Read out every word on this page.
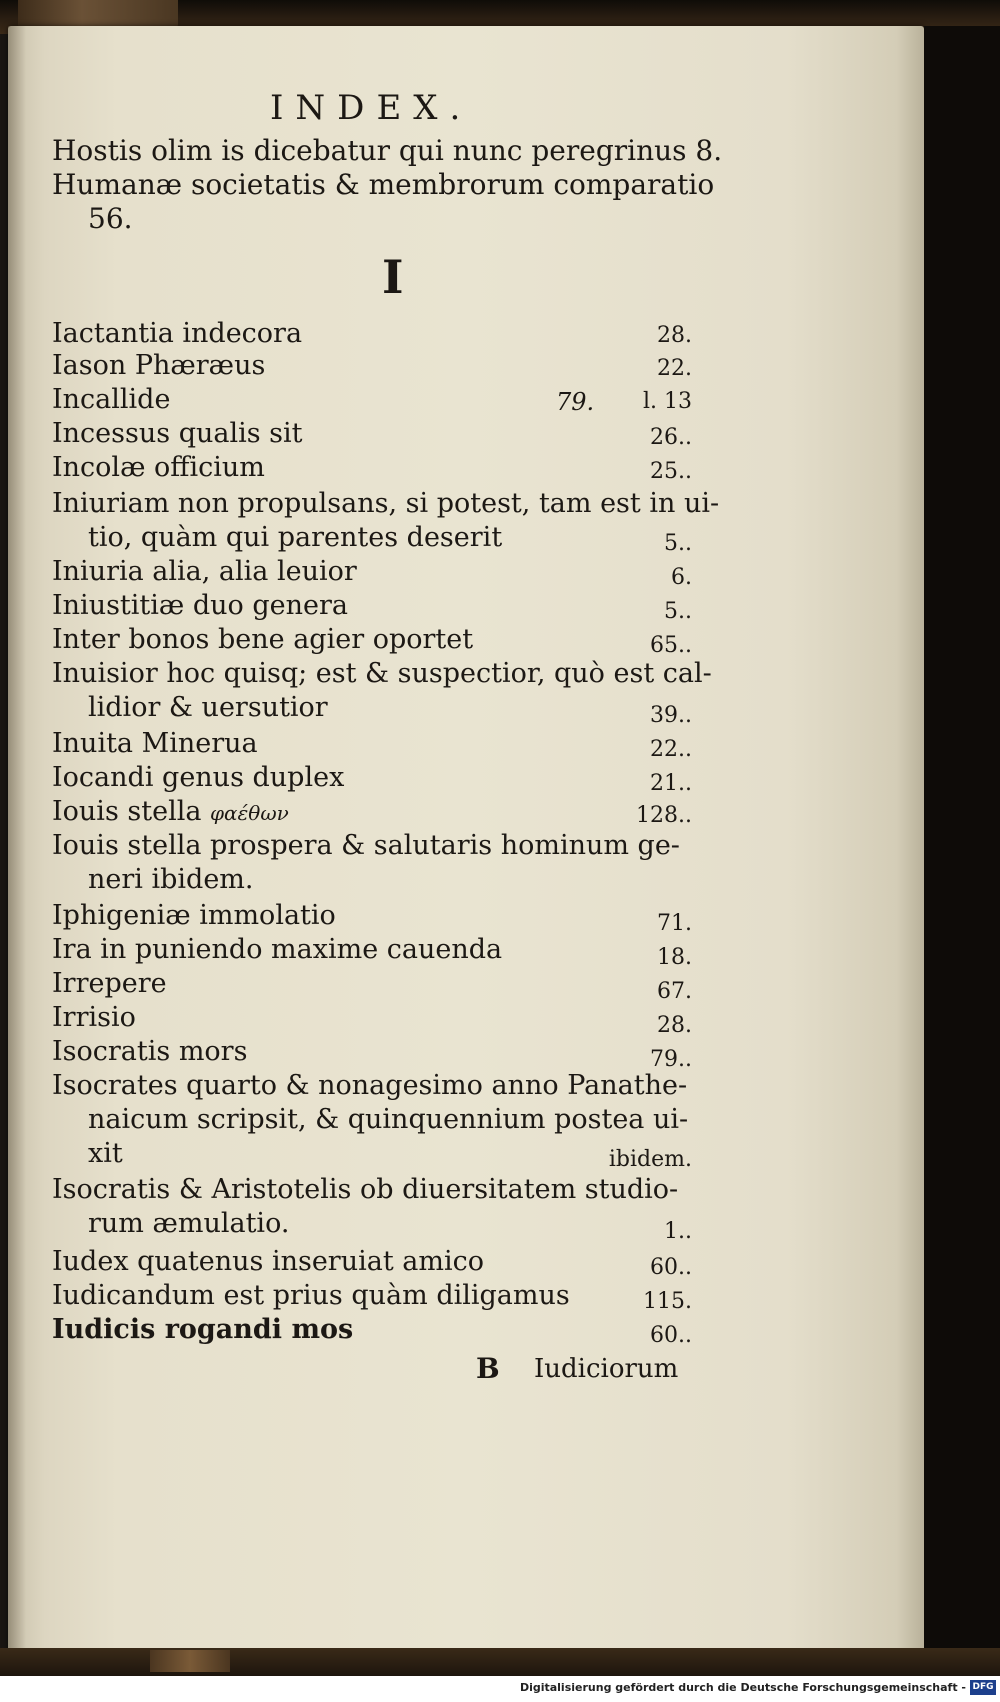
INDEX.
Hostis olim is dicebatur qui nunc peregrinus 8.
Humanæ societatis & membrorum comparatio
56.
I
Iactantia indecora	28.
Iason Phæræus	22.
Incallide	79. l. 13
Incessus qualis sit	26..
Incolæ officium	25..
Iniuriam non propulsans, si potest, tam est in ui-
tio, quàm qui parentes deserit	5..
Iniuria alia, alia leuior	6.
Iniustitiæ duo genera	5..
Inter bonos bene agier oportet	65..
Inuisior hoc quisq; est & suspectior, quò est cal-
lidior & uersutior	39..
Inuita Minerua	22..
Iocandi genus duplex	21..
Iouis stella φαέθων	128..
Iouis stella prospera & salutaris hominum ge-
neri ibidem.
Iphigeniæ immolatio	71.
Ira in puniendo maxime cauenda	18.
Irrepere	67.
Irrisio	28.
Isocratis mors	79..
Isocrates quarto & nonagesimo anno Panathe-
naicum scripsit, & quinquennium postea ui-
xit	ibidem.
Isocratis & Aristotelis ob diuersitatem studio-
rum æmulatio.	1..
Iudex quatenus inseruiat amico	60..
Iudicandum est prius quàm diligamus	115.
Iudicis rogandi mos	60..
B Iudiciorum
Digitalisierung gefördert durch die Deutsche Forschungsgemeinschaft - DFG
